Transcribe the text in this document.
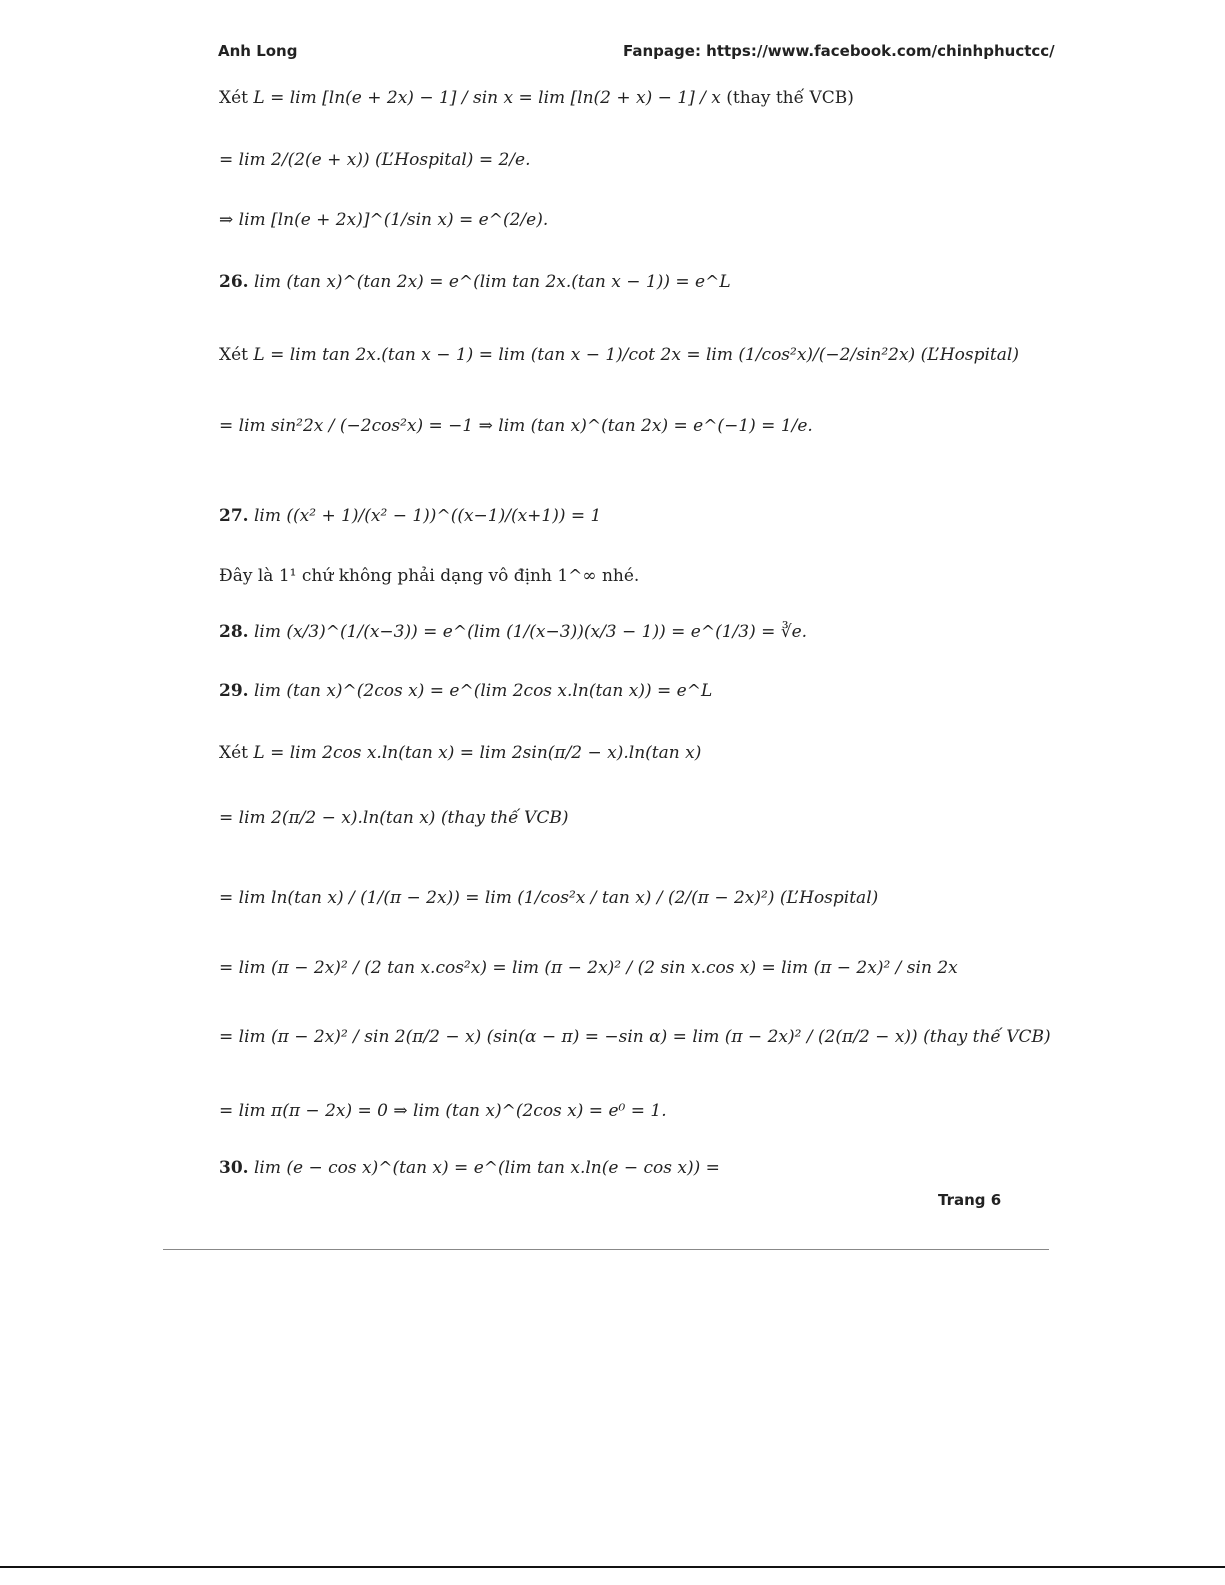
Anh Long	Fanpage: https://www.facebook.com/chinhphuctcc/
Xét L = lim [ln(e + 2x) − 1] / sin x = lim [ln(2 + x) − 1] / x (thay thế VCB)
= lim 2/(2(e + x)) (L’Hospital) = 2/e.
⇒ lim [ln(e + 2x)]^(1/sin x) = e^(2/e).
26. lim (tan x)^(tan 2x) = e^(lim tan 2x.(tan x − 1)) = e^L
Xét L = lim tan 2x.(tan x − 1) = lim (tan x − 1)/cot 2x = lim (1/cos²x)/(−2/sin²2x) (L’Hospital)
= lim sin²2x / (−2cos²x) = −1 ⇒ lim (tan x)^(tan 2x) = e^(−1) = 1/e.
27. lim ((x² + 1)/(x² − 1))^((x−1)/(x+1)) = 1
Đây là 1¹ chứ không phải dạng vô định 1^∞ nhé.
28. lim (x/3)^(1/(x−3)) = e^(lim (1/(x−3))(x/3 − 1)) = e^(1/3) = ∛e.
29. lim (tan x)^(2cos x) = e^(lim 2cos x.ln(tan x)) = e^L
Xét L = lim 2cos x.ln(tan x) = lim 2sin(π/2 − x).ln(tan x)
= lim 2(π/2 − x).ln(tan x) (thay thế VCB)
= lim ln(tan x) / (1/(π − 2x)) = lim (1/cos²x / tan x) / (2/(π − 2x)²) (L’Hospital)
= lim (π − 2x)² / (2 tan x.cos²x) = lim (π − 2x)² / (2 sin x.cos x) = lim (π − 2x)² / sin 2x
= lim (π − 2x)² / sin 2(π/2 − x) (sin(α − π) = −sin α) = lim (π − 2x)² / (2(π/2 − x)) (thay thế VCB)
= lim π(π − 2x) = 0 ⇒ lim (tan x)^(2cos x) = e⁰ = 1.
30. lim (e − cos x)^(tan x) = e^(lim tan x.ln(e − cos x)) =
Trang 6
